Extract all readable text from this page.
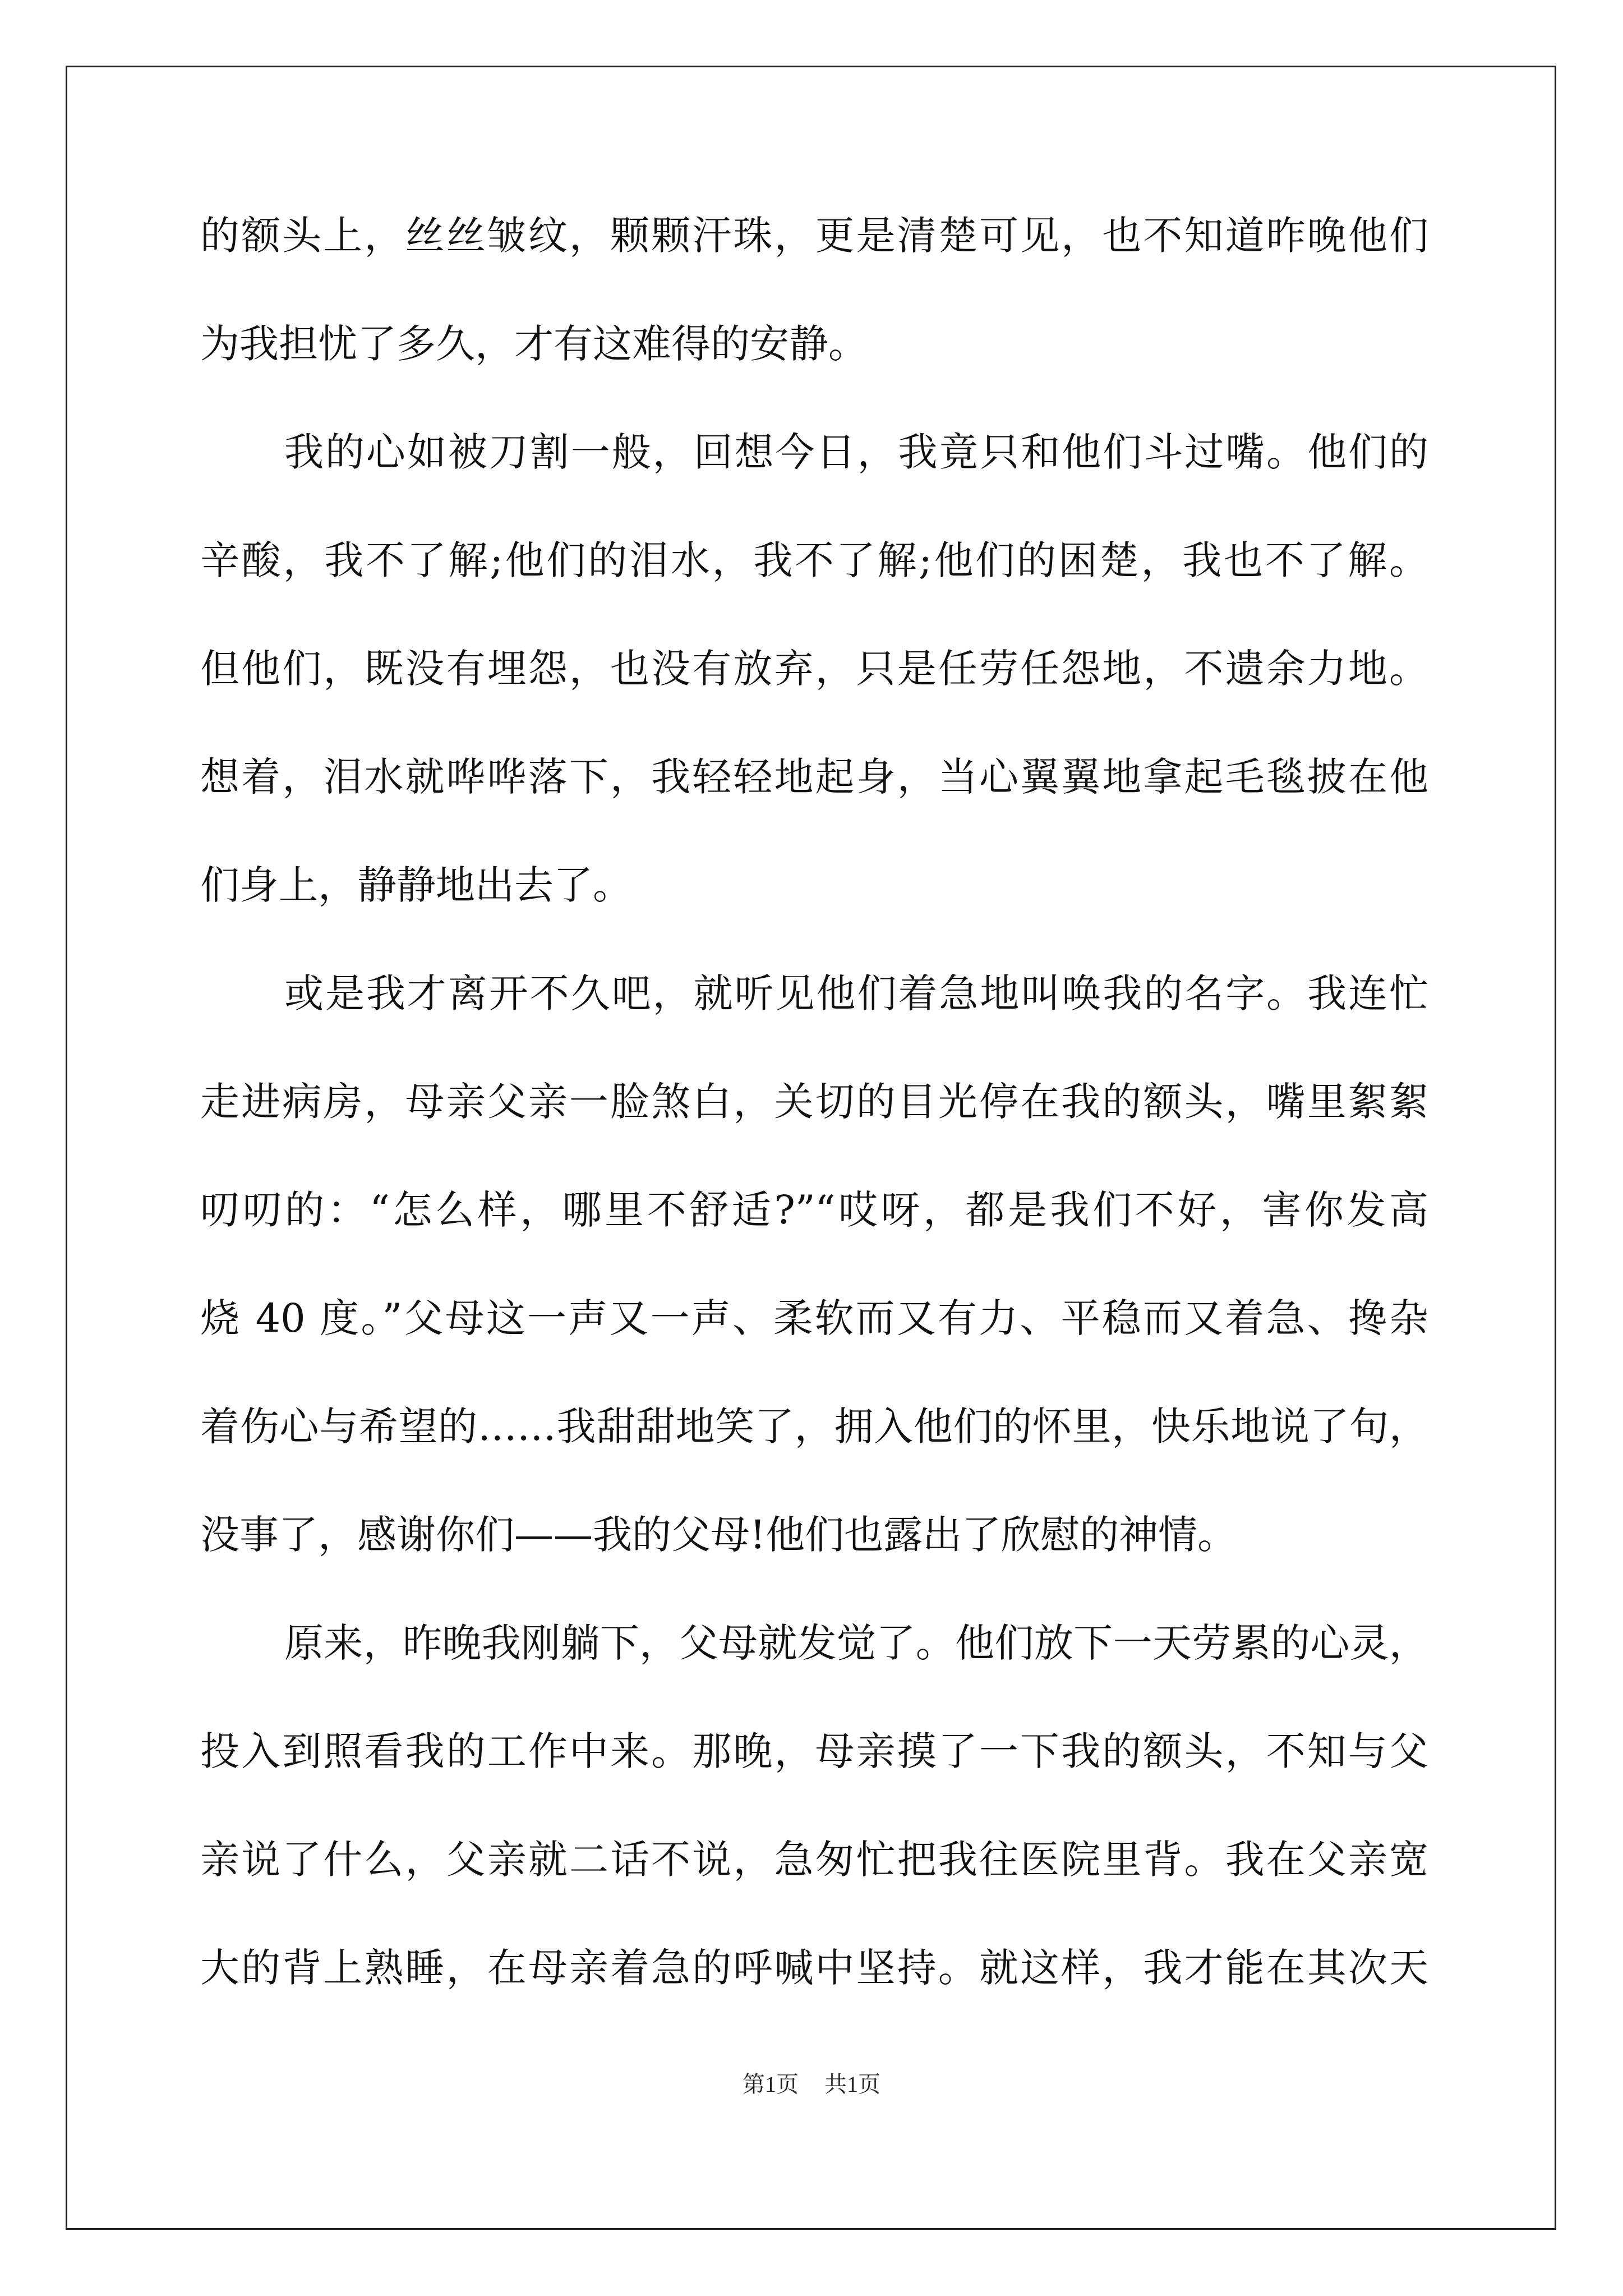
的额头上，丝丝皱纹，颗颗汗珠，更是清楚可见，也不知道昨晚他们
为我担忧了多久，才有这难得的安静。
我的心如被刀割一般，回想今日，我竟只和他们斗过嘴。他们的
辛酸，我不了解;他们的泪水，我不了解;他们的困楚，我也不了解。
但他们，既没有埋怨，也没有放弃，只是任劳任怨地，不遗余力地。
想着，泪水就哗哗落下，我轻轻地起身，当心翼翼地拿起毛毯披在他
们身上，静静地出去了。
或是我才离开不久吧，就听见他们着急地叫唤我的名字。我连忙
走进病房，母亲父亲一脸煞白，关切的目光停在我的额头，嘴里絮絮
叨叨的：“怎么样，哪里不舒适?”“哎呀，都是我们不好，害你发高
烧 40 度。”父母这一声又一声、柔软而又有力、平稳而又着急、搀杂
着伤心与希望的……我甜甜地笑了，拥入他们的怀里，快乐地说了句，
没事了，感谢你们——我的父母!他们也露出了欣慰的神情。
原来，昨晚我刚躺下，父母就发觉了。他们放下一天劳累的心灵，
投入到照看我的工作中来。那晚，母亲摸了一下我的额头，不知与父
亲说了什么，父亲就二话不说，急匆忙把我往医院里背。我在父亲宽
大的背上熟睡，在母亲着急的呼喊中坚持。就这样，我才能在其次天
第1页 共1页
